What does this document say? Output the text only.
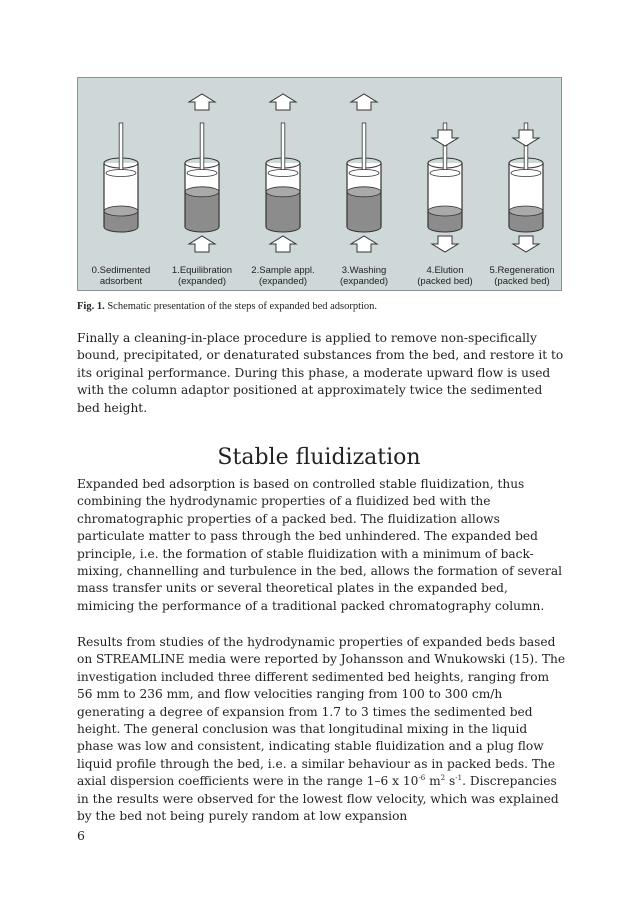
0.Sedimented
adsorbent
1.Equilibration
(expanded)
2.Sample appl.
(expanded)
3.Washing
(expanded)
4.Elution
(packed bed)
5.Regeneration
(packed bed)
Fig. 1. Schematic presentation of the steps of expanded bed adsorption.

Finally a cleaning-in-place procedure is applied to remove non-specifically bound, precipitated, or denaturated substances from the bed, and restore it to its original performance. During this phase, a moderate upward flow is used with the column adaptor positioned at approximately twice the sedimented bed height.

Stable fluidization

Expanded bed adsorption is based on controlled stable fluidization, thus combining the hydrodynamic properties of a fluidized bed with the chromatographic properties of a packed bed. The fluidization allows particulate matter to pass through the bed unhindered. The expanded bed principle, i.e. the formation of stable fluidization with a minimum of back-mixing, channelling and turbulence in the bed, allows the formation of several mass transfer units or several theoretical plates in the expanded bed, mimicing the performance of a traditional packed chromatography column.

Results from studies of the hydrodynamic properties of expanded beds based on STREAMLINE media were reported by Johansson and Wnukowski (15). The investigation included three different sedimented bed heights, ranging from 56 mm to 236 mm, and flow velocities ranging from 100 to 300 cm/h generating a degree of expansion from 1.7 to 3 times the sedimented bed height. The general conclusion was that longitudinal mixing in the liquid phase was low and consistent, indicating stable fluidization and a plug flow liquid profile through the bed, i.e. a similar behaviour as in packed beds. The axial dispersion coefficients were in the range 1–6 x $10^{-6}$ $m^2$ $s^{-1}$. Discrepancies in the results were observed for the lowest flow velocity, which was explained by the bed not being purely random at low expansion

6
